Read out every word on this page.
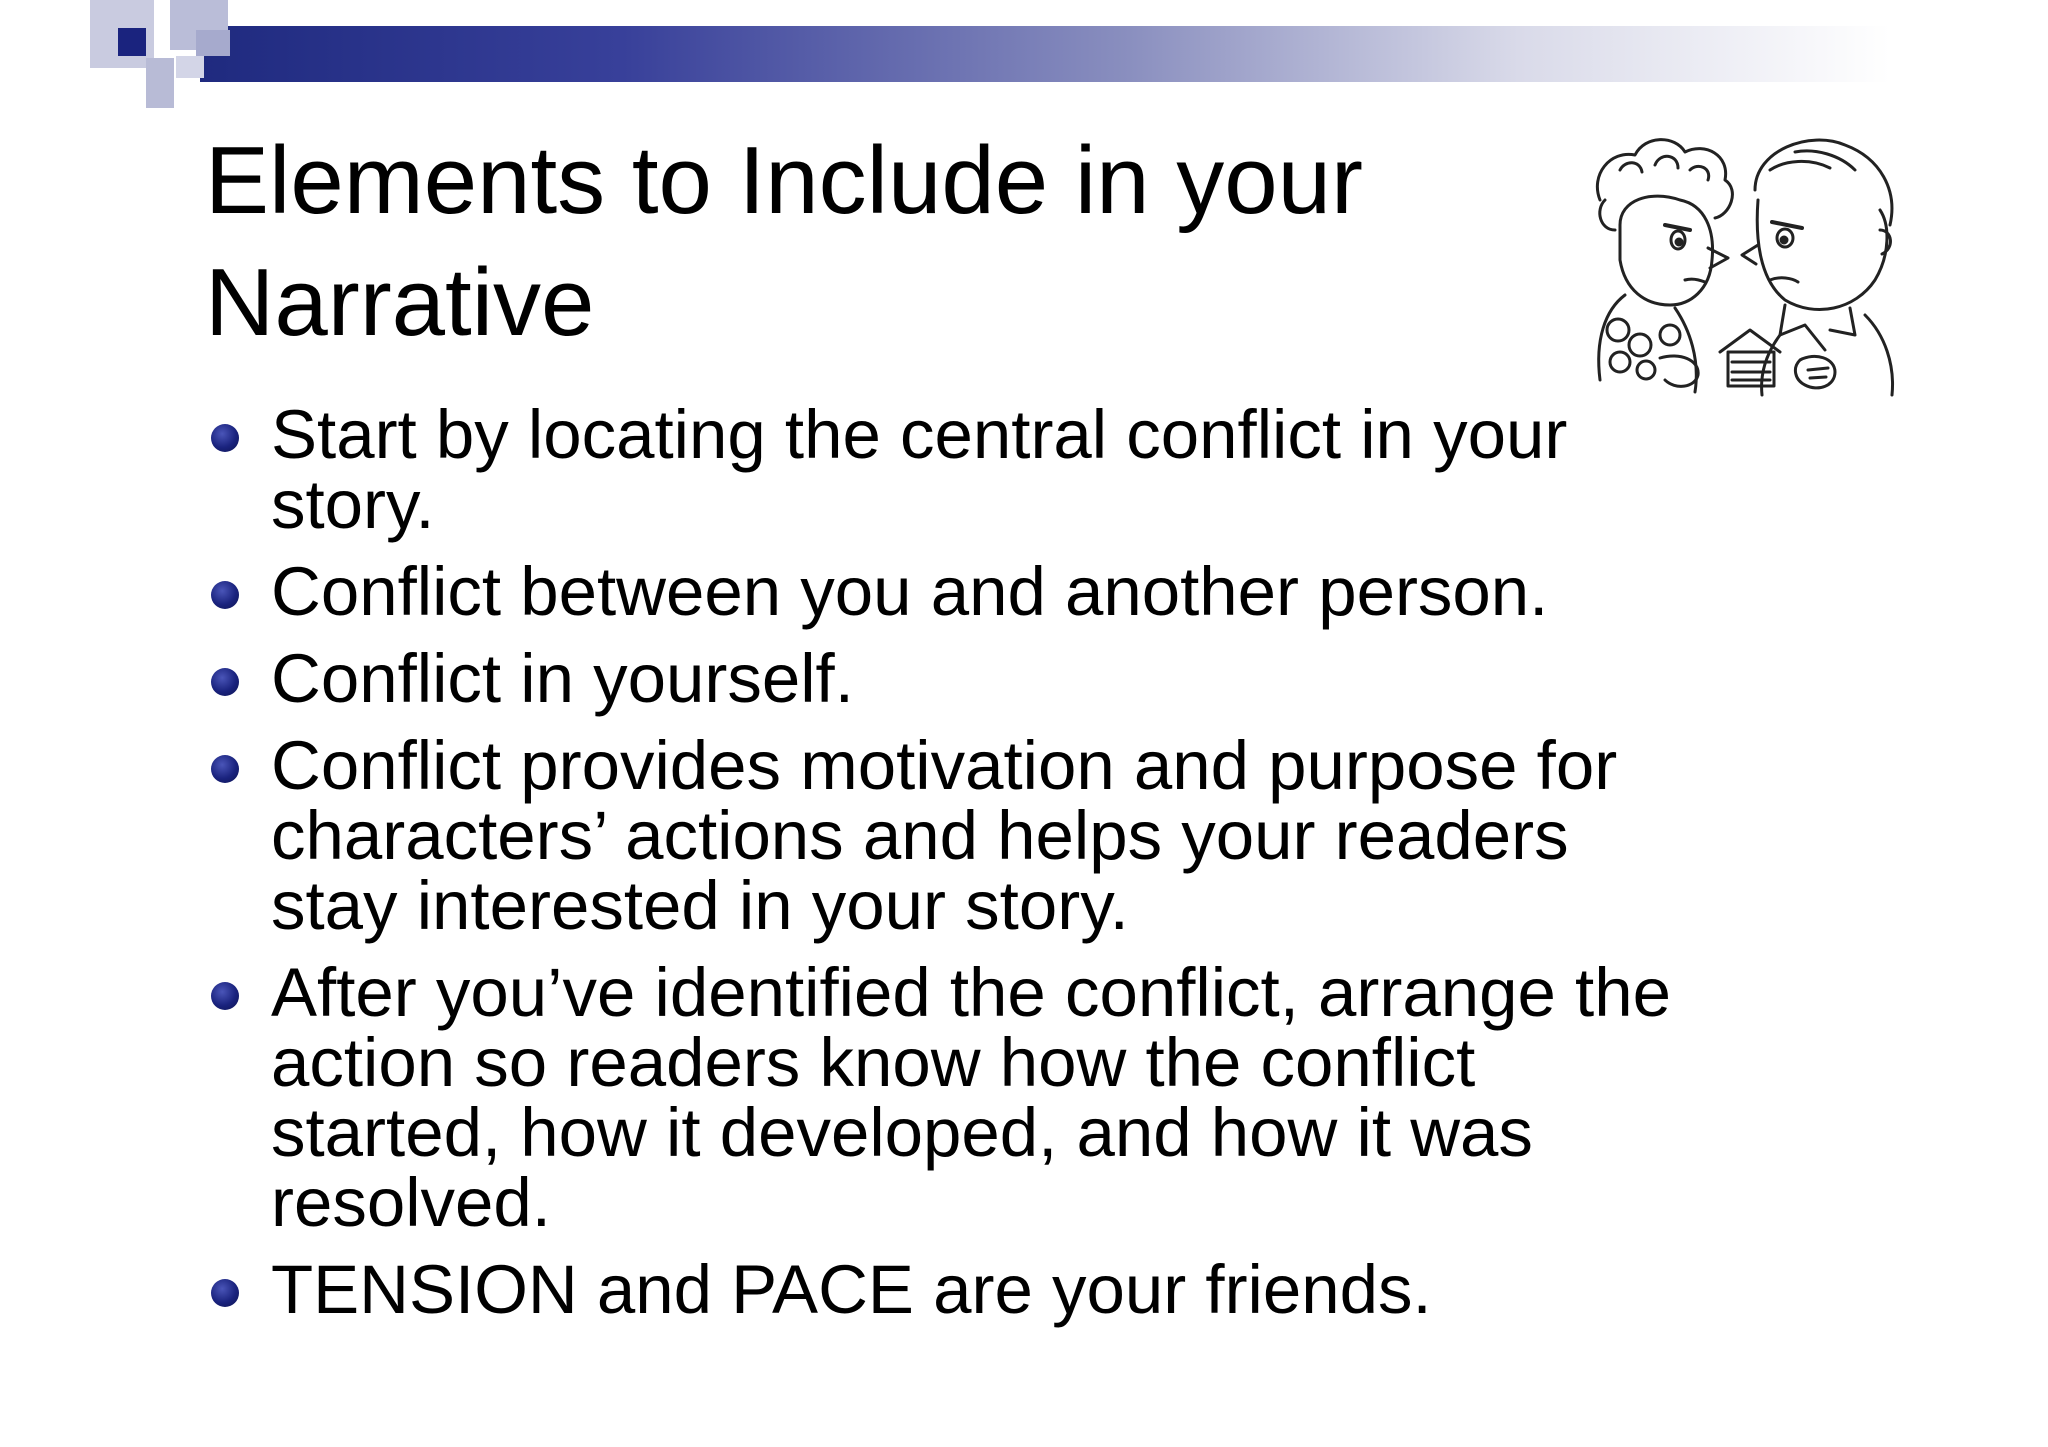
Elements to Include in your Narrative
Start by locating the central conflict in your story.
Conflict between you and another person.
Conflict in yourself.
Conflict provides motivation and purpose for characters’ actions and helps your readers stay interested in your story.
After you’ve identified the conflict, arrange the action so readers know how the conflict started, how it developed, and how it was resolved.
TENSION and PACE are your friends.
